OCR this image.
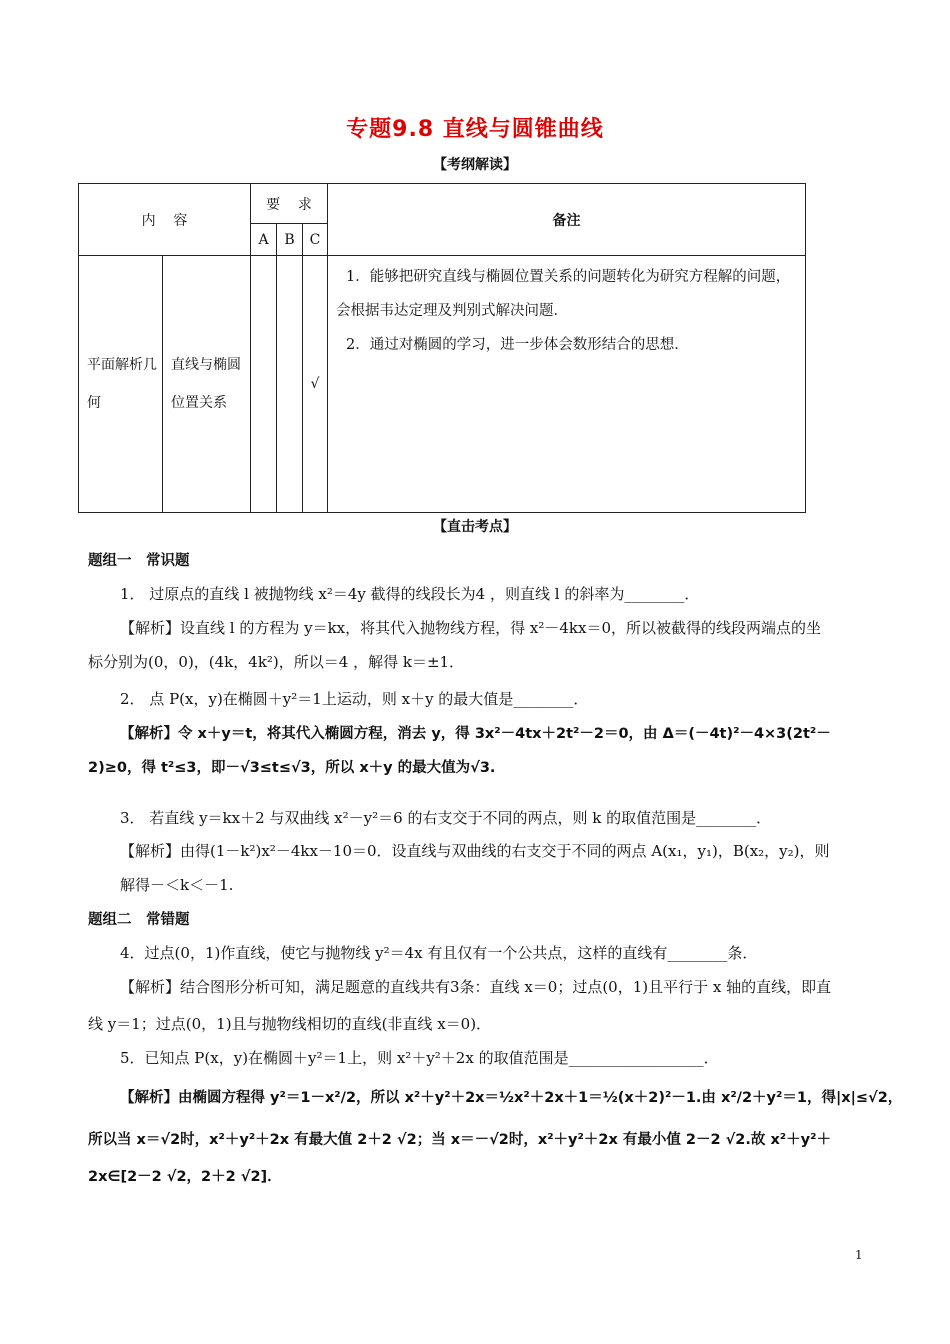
专题9.8 直线与圆锥曲线
【考纲解读】
内    容		要    求			备注
		A	B	C	
平面解析几何	直线与椭圆位置关系			√	1．能够把研究直线与椭圆位置关系的问题转化为研究方程解的问题，会根据韦达定理及判别式解决问题．
2．通过对椭圆的学习，进一步体会数形结合的思想．
【直击考点】
题组一　常识题
1． 过原点的直线 l 被抛物线 x²＝4y 截得的线段长为4 ，则直线 l 的斜率为________．
【解析】设直线 l 的方程为 y＝kx，将其代入抛物线方程，得 x²－4kx＝0，所以被截得的线段两端点的坐
标分别为(0，0)，(4k，4k²)，所以＝4 ，解得 k＝±1．
2． 点 P(x，y)在椭圆＋y²＝1上运动，则 x＋y 的最大值是________．
【解析】令 x＋y＝t，将其代入椭圆方程，消去 y，得 3x²－4tx＋2t²－2＝0，由 Δ＝(－4t)²－4×3(2t²－
2)≥0，得 t²≤3，即－√3≤t≤√3，所以 x＋y 的最大值为√3.
3． 若直线 y＝kx＋2 与双曲线 x²－y²＝6 的右支交于不同的两点，则 k 的取值范围是________．
【解析】由得(1－k²)x²－4kx－10＝0．设直线与双曲线的右支交于不同的两点 A(x₁，y₁)，B(x₂，y₂)，则
解得－＜k＜－1.
题组二　常错题
4．过点(0，1)作直线，使它与抛物线 y²＝4x 有且仅有一个公共点，这样的直线有________条．
【解析】结合图形分析可知，满足题意的直线共有3条：直线 x＝0；过点(0，1)且平行于 x 轴的直线，即直
线 y＝1；过点(0，1)且与抛物线相切的直线(非直线 x＝0)．
5．已知点 P(x，y)在椭圆＋y²＝1上，则 x²＋y²＋2x 的取值范围是__________________．
【解析】由椭圆方程得 y²＝1－x²/2，所以 x²＋y²＋2x＝½x²＋2x＋1＝½(x＋2)²－1.由 x²/2＋y²＝1，得|x|≤√2，
所以当 x＝√2时，x²＋y²＋2x 有最大值 2＋2 √2；当 x＝－√2时，x²＋y²＋2x 有最小值 2－2 √2.故 x²＋y²＋
2x∈[2－2 √2，2＋2 √2]．
1
